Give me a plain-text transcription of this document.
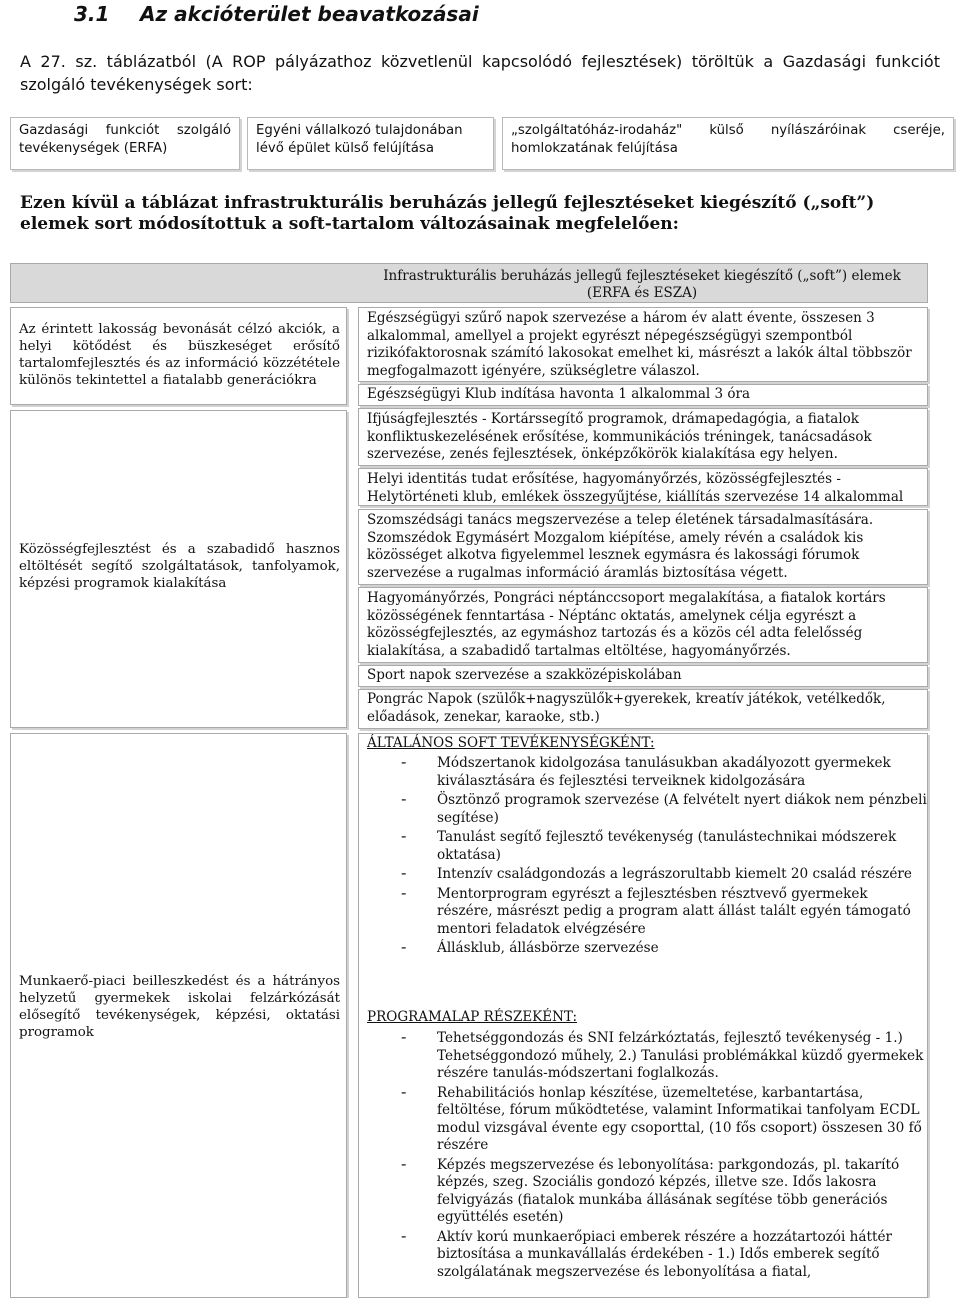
3.1 Az akcióterület beavatkozásai
A 27. sz. táblázatból (A ROP pályázathoz közvetlenül kapcsolódó fejlesztések) töröltük a Gazdasági funkciót szolgáló tevékenységek sort:
Gazdasági funkciót szolgáló tevékenységek (ERFA)
Egyéni vállalkozó tulajdonában lévő épület külső felújítása
„szolgáltatóház-irodaház" külső nyílászáróinak cseréje, homlokzatának felújítása
Ezen kívül a táblázat infrastrukturális beruházás jellegű fejlesztéseket kiegészítő („soft”) elemek sort módosítottuk a soft-tartalom változásainak megfelelően:
Infrastrukturális beruházás jellegű fejlesztéseket kiegészítő („soft”) elemek
(ERFA és ESZA)
Az érintett lakosság bevonását célzó akciók, a helyi kötődést és büszkeséget erősítő tartalomfejlesztés és az információ közzététele különös tekintettel a fiatalabb generációkra
Közösségfejlesztést és a szabadidő hasznos eltöltését segítő szolgáltatások, tanfolyamok, képzési programok kialakítása
Munkaerő-piaci beilleszkedést és a hátrányos helyzetű gyermekek iskolai felzárkózását elősegítő tevékenységek, képzési, oktatási programok
Egészségügyi szűrő napok szervezése a három év alatt évente, összesen 3 alkalommal, amellyel a projekt egyrészt népegészségügyi szempontból rizikófaktorosnak számító lakosokat emelhet ki, másrészt a lakók által többször megfogalmazott igényére, szükségletre válaszol.
Egészségügyi Klub indítása havonta 1 alkalommal 3 óra
Ifjúságfejlesztés - Kortárssegítő programok, drámapedagógia, a fiatalok konfliktuskezelésének erősítése, kommunikációs tréningek, tanácsadások szervezése, zenés fejlesztések, önképzőkörök kialakítása egy helyen.
Helyi identitás tudat erősítése, hagyományőrzés, közösségfejlesztés - Helytörténeti klub, emlékek összegyűjtése, kiállítás szervezése 14 alkalommal
Szomszédsági tanács megszervezése a telep életének társadalmasítására. Szomszédok Egymásért Mozgalom kiépítése, amely révén a családok kis közösséget alkotva figyelemmel lesznek egymásra és lakossági fórumok szervezése a rugalmas információ áramlás biztosítása végett.
Hagyományőrzés, Pongráci néptánccsoport megalakítása, a fiatalok kortárs közösségének fenntartása - Néptánc oktatás, amelynek célja egyrészt a közösségfejlesztés, az egymáshoz tartozás és a közös cél adta felelősség kialakítása, a szabadidő tartalmas eltöltése, hagyományőrzés.
Sport napok szervezése a szakközépiskolában
Pongrác Napok (szülők+nagyszülők+gyerekek, kreatív játékok, vetélkedők, előadások, zenekar, karaoke, stb.)
ÁLTALÁNOS SOFT TEVÉKENYSÉGKÉNT:
- Módszertanok kidolgozása tanulásukban akadályozott gyermekek kiválasztására és fejlesztési terveiknek kidolgozására
- Ösztönző programok szervezése (A felvételt nyert diákok nem pénzbeli segítése)
- Tanulást segítő fejlesztő tevékenység (tanulástechnikai módszerek oktatása)
- Intenzív családgondozás a legrászorultabb kiemelt 20 család részére
- Mentorprogram egyrészt a fejlesztésben résztvevő gyermekek részére, másrészt pedig a program alatt állást talált egyén támogató mentori feladatok elvégzésére
- Állásklub, állásbörze szervezése
PROGRAMALAP RÉSZEKÉNT:
- Tehetséggondozás és SNI felzárkóztatás, fejlesztő tevékenység - 1.) Tehetséggondozó műhely, 2.) Tanulási problémákkal küzdő gyermekek részére tanulás-módszertani foglalkozás.
- Rehabilitációs honlap készítése, üzemeltetése, karbantartása, feltöltése, fórum működtetése, valamint Informatikai tanfolyam ECDL modul vizsgával évente egy csoporttal, (10 fős csoport) összesen 30 fő részére
- Képzés megszervezése és lebonyolítása: parkgondozás, pl. takarító képzés, szeg. Szociális gondozó képzés, illetve sze. Idős lakosra felvigyázás (fiatalok munkába állásának segítése több generációs együttélés esetén)
- Aktív korú munkaerőpiaci emberek részére a hozzátartozói háttér biztosítása a munkavállalás érdekében - 1.) Idős emberek segítő szolgálatának megszervezése és lebonyolítása a fiatal,
